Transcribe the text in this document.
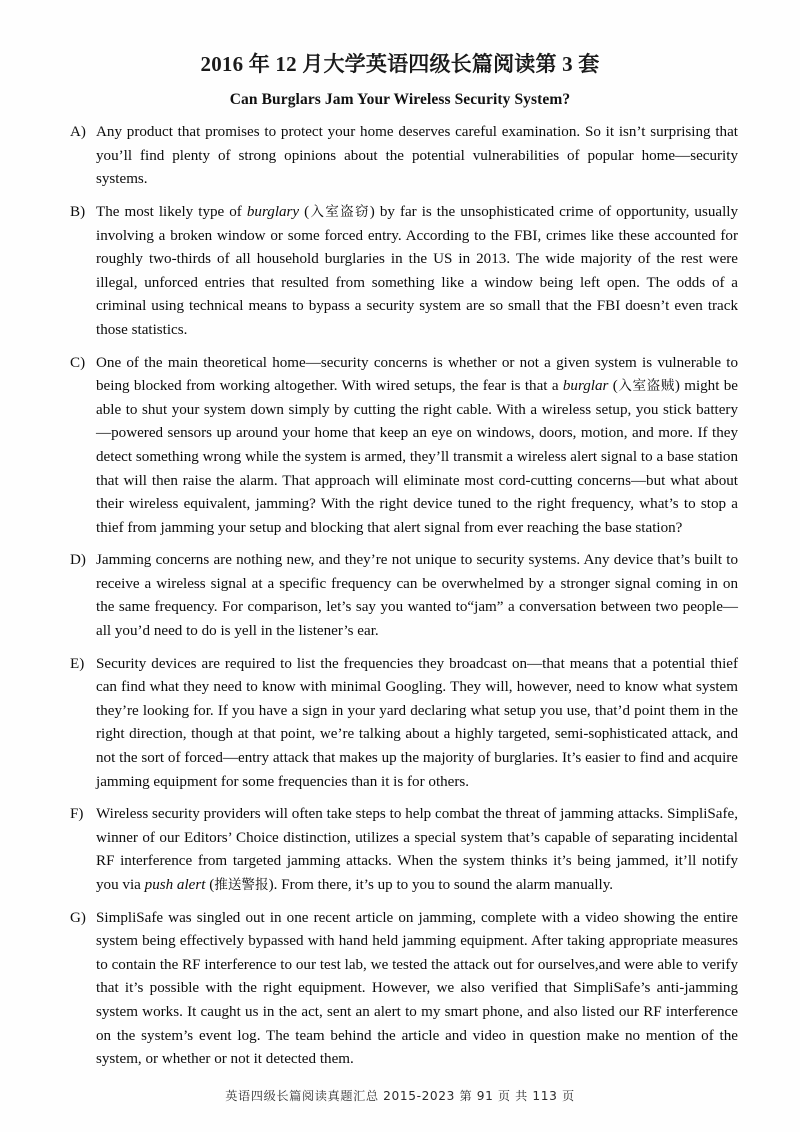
2016 年 12 月大学英语四级长篇阅读第 3 套
Can Burglars Jam Your Wireless Security System?
A) Any product that promises to protect your home deserves careful examination. So it isn’t surprising that you’ll find plenty of strong opinions about the potential vulnerabilities of popular home—security systems.
B) The most likely type of burglary (入室盗窃) by far is the unsophisticated crime of opportunity, usually involving a broken window or some forced entry. According to the FBI, crimes like these accounted for roughly two-thirds of all household burglaries in the US in 2013. The wide majority of the rest were illegal, unforced entries that resulted from something like a window being left open. The odds of a criminal using technical means to bypass a security system are so small that the FBI doesn’t even track those statistics.
C) One of the main theoretical home—security concerns is whether or not a given system is vulnerable to being blocked from working altogether. With wired setups, the fear is that a burglar (入室盗贼) might be able to shut your system down simply by cutting the right cable. With a wireless setup, you stick battery—powered sensors up around your home that keep an eye on windows, doors, motion, and more. If they detect something wrong while the system is armed, they’ll transmit a wireless alert signal to a base station that will then raise the alarm. That approach will eliminate most cord-cutting concerns—but what about their wireless equivalent, jamming? With the right device tuned to the right frequency, what’s to stop a thief from jamming your setup and blocking that alert signal from ever reaching the base station?
D) Jamming concerns are nothing new, and they’re not unique to security systems. Any device that’s built to receive a wireless signal at a specific frequency can be overwhelmed by a stronger signal coming in on the same frequency. For comparison, let’s say you wanted to“jam” a conversation between two people—all you’d need to do is yell in the listener’s ear.
E) Security devices are required to list the frequencies they broadcast on—that means that a potential thief can find what they need to know with minimal Googling. They will, however, need to know what system they’re looking for. If you have a sign in your yard declaring what setup you use, that’d point them in the right direction, though at that point, we’re talking about a highly targeted, semi-sophisticated attack, and not the sort of forced—entry attack that makes up the majority of burglaries. It’s easier to find and acquire jamming equipment for some frequencies than it is for others.
F) Wireless security providers will often take steps to help combat the threat of jamming attacks. SimpliSafe, winner of our Editors’ Choice distinction, utilizes a special system that’s capable of separating incidental RF interference from targeted jamming attacks. When the system thinks it’s being jammed, it’ll notify you via push alert (推送警报). From there, it’s up to you to sound the alarm manually.
G) SimpliSafe was singled out in one recent article on jamming, complete with a video showing the entire system being effectively bypassed with hand held jamming equipment. After taking appropriate measures to contain the RF interference to our test lab, we tested the attack out for ourselves,and were able to verify that it’s possible with the right equipment. However, we also verified that SimpliSafe’s anti-jamming system works. It caught us in the act, sent an alert to my smart phone, and also listed our RF interference on the system’s event log. The team behind the article and video in question make no mention of the system, or whether or not it detected them.
英语四级长篇阅读真题汇总 2015-2023 第 91 页 共 113 页
